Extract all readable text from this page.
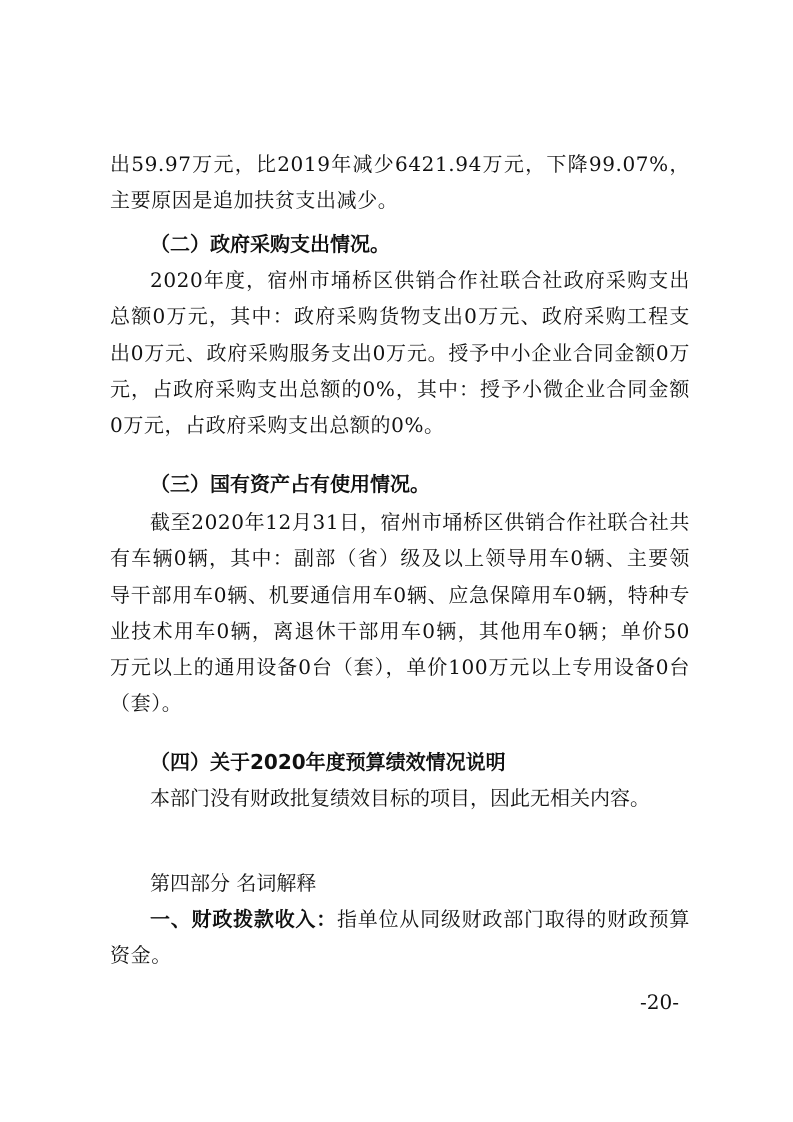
出59.97万元，比2019年减少6421.94万元，下降99.07%，主要原因是追加扶贫支出减少。

（二）政府采购支出情况。

2020年度，宿州市埇桥区供销合作社联合社政府采购支出总额0万元，其中：政府采购货物支出0万元、政府采购工程支出0万元、政府采购服务支出0万元。授予中小企业合同金额0万元，占政府采购支出总额的0%，其中：授予小微企业合同金额0万元，占政府采购支出总额的0%。

（三）国有资产占有使用情况。

截至2020年12月31日，宿州市埇桥区供销合作社联合社共有车辆0辆，其中：副部（省）级及以上领导用车0辆、主要领导干部用车0辆、机要通信用车0辆、应急保障用车0辆，特种专业技术用车0辆，离退休干部用车0辆，其他用车0辆；单价50万元以上的通用设备0台（套），单价100万元以上专用设备0台（套）。

（四）关于2020年度预算绩效情况说明

本部门没有财政批复绩效目标的项目，因此无相关内容。

第四部分 名词解释

一、财政拨款收入：指单位从同级财政部门取得的财政预算资金。

-20-
